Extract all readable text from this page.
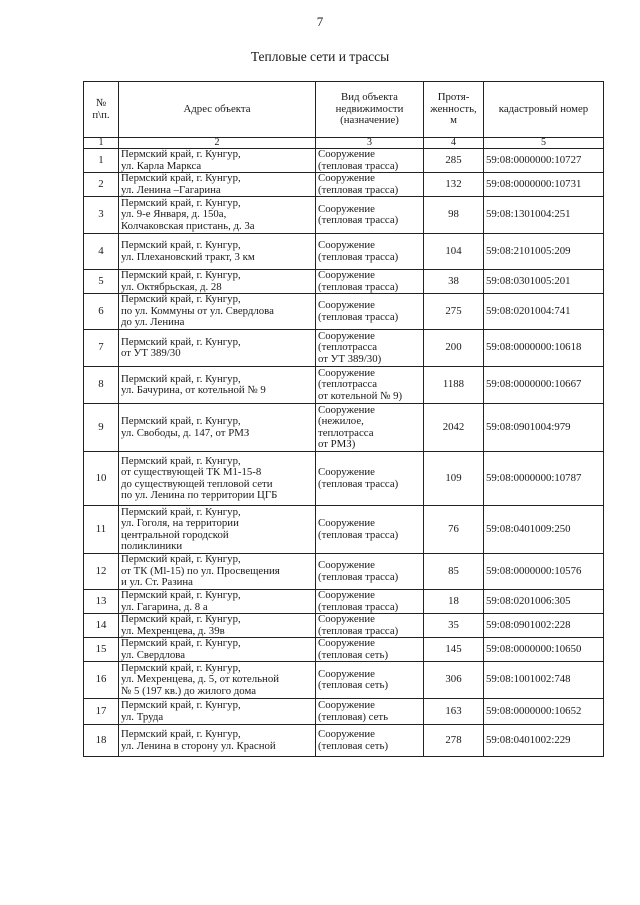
7
Тепловые сети и трассы
№ п\п.	Адрес объекта	Вид объекта
недвижимости
(назначение)	Протя-
женность,
м	кадастровый номер
1	2	3	4	5
1	Пермский край, г. Кунгур,
ул. Карла Маркса	Сооружение
(тепловая трасса)	285	59:08:0000000:10727
2	Пермский край, г. Кунгур,
ул. Ленина –Гагарина	Сооружение
(тепловая трасса)	132	59:08:0000000:10731
3	Пермский край, г. Кунгур,
ул. 9-е Января, д. 150а,
Колчаковская пристань, д. 3а	Сооружение
(тепловая трасса)	98	59:08:1301004:251
4	Пермский край, г. Кунгур,
ул. Плехановский тракт, 3 км	Сооружение
(тепловая трасса)	104	59:08:2101005:209
5	Пермский край, г. Кунгур,
ул. Октябрьская, д. 28	Сооружение
(тепловая трасса)	38	59:08:0301005:201
6	Пермский край, г. Кунгур,
по ул. Коммуны от ул. Свердлова
до ул. Ленина	Сооружение
(тепловая трасса)	275	59:08:0201004:741
7	Пермский край, г. Кунгур,
от УТ 389/30	Сооружение
(теплотрасса
от УТ 389/30)	200	59:08:0000000:10618
8	Пермский край, г. Кунгур,
ул. Бачурина, от котельной № 9	Сооружение
(теплотрасса
от котельной № 9)	1188	59:08:0000000:10667
9	Пермский край, г. Кунгур,
ул. Свободы, д. 147, от РМЗ	Сооружение
(нежилое,
теплотрасса
от РМЗ)	2042	59:08:0901004:979
10	Пермский край, г. Кунгур,
от существующей ТК М1-15-8
до существующей тепловой сети
по ул. Ленина по территории ЦГБ	Сооружение
(тепловая трасса)	109	59:08:0000000:10787
11	Пермский край, г. Кунгур,
ул. Гоголя, на территории
центральной городской
поликлиники	Сооружение
(тепловая трасса)	76	59:08:0401009:250
12	Пермский край, г. Кунгур,
от ТК (Ml-15) по ул. Просвещения
и ул. Ст. Разина	Сооружение
(тепловая трасса)	85	59:08:0000000:10576
13	Пермский край, г. Кунгур,
ул. Гагарина, д. 8 а	Сооружение
(тепловая трасса)	18	59:08:0201006:305
14	Пермский край, г. Кунгур,
ул. Мехренцева, д. 39в	Сооружение
(тепловая трасса)	35	59:08:0901002:228
15	Пермский край, г. Кунгур,
ул. Свердлова	Сооружение
(тепловая сеть)	145	59:08:0000000:10650
16	Пермский край, г. Кунгур,
ул. Мехренцева, д. 5, от котельной
№ 5 (197 кв.) до жилого дома	Сооружение
(тепловая сеть)	306	59:08:1001002:748
17	Пермский край, г. Кунгур,
ул. Труда	Сооружение
(тепловая) сеть	163	59:08:0000000:10652
18	Пермский край, г. Кунгур,
ул. Ленина в сторону ул. Красной	Сооружение
(тепловая сеть)	278	59:08:0401002:229
